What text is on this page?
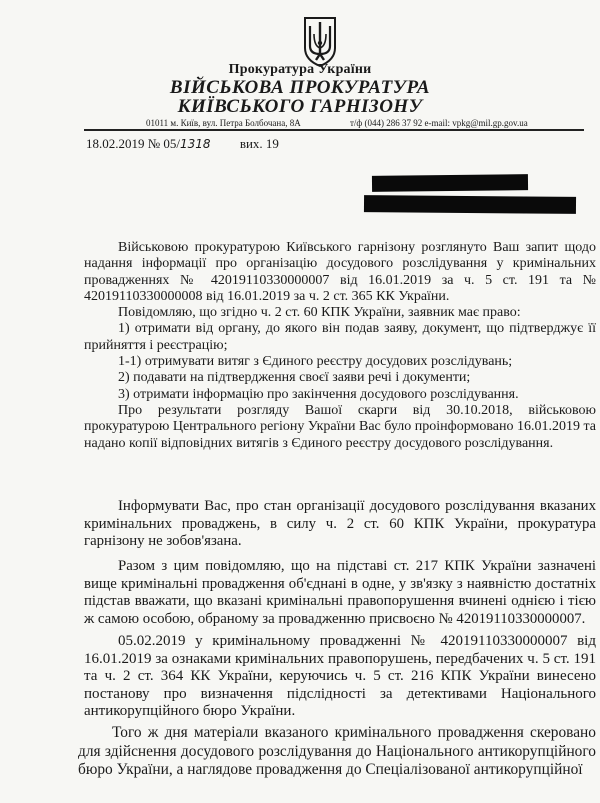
Прокуратура України
ВІЙСЬКОВА ПРОКУРАТУРА
КИЇВСЬКОГО ГАРНІЗОНУ
01011 м. Київ, вул. Петра Болбочана, 8А	т/ф (044) 286 37 92 е-mail: vpkg@mil.gp.gov.ua
18.02.2019 № 05/1318 вих. 19

Військовою прокуратурою Київського гарнізону розглянуто Ваш запит щодо надання інформації про організацію досудового розслідування у кримінальних провадженнях № 42019110330000007 від 16.01.2019 за ч. 5 ст. 191 та № 42019110330000008 від 16.01.2019 за ч. 2 ст. 365 КК України.

Повідомляю, що згідно ч. 2 ст. 60 КПК України, заявник має право:

1) отримати від органу, до якого він подав заяву, документ, що підтверджує її прийняття і реєстрацію;

1-1) отримувати витяг з Єдиного реєстру досудових розслідувань;

2) подавати на підтвердження своєї заяви речі і документи;

3) отримати інформацію про закінчення досудового розслідування.

Про результати розгляду Вашої скарги від 30.10.2018, військовою прокуратурою Центрального регіону України Вас було проінформовано 16.01.2019 та надано копії відповідних витягів з Єдиного реєстру досудового розслідування.

Інформувати Вас, про стан організації досудового розслідування вказаних кримінальних проваджень, в силу ч. 2 ст. 60 КПК України, прокуратура гарнізону не зобов'язана.

Разом з цим повідомляю, що на підставі ст. 217 КПК України зазначені вище кримінальні провадження об'єднані в одне, у зв'язку з наявністю достатніх підстав вважати, що вказані кримінальні правопорушення вчинені однією і тією ж самою особою, обраному за провадженню присвоєно № 42019110330000007.

05.02.2019 у кримінальному провадженні № 42019110330000007 від 16.01.2019 за ознаками кримінальних правопорушень, передбачених ч. 5 ст. 191 та ч. 2 ст. 364 КК України, керуючись ч. 5 ст. 216 КПК України винесено постанову про визначення підслідності за детективами Національного антикорупційного бюро України.

Того ж дня матеріали вказаного кримінального провадження скеровано для здійснення досудового розслідування до Національного антикорупційного бюро України, а наглядове провадження до Спеціалізованої антикорупційної
